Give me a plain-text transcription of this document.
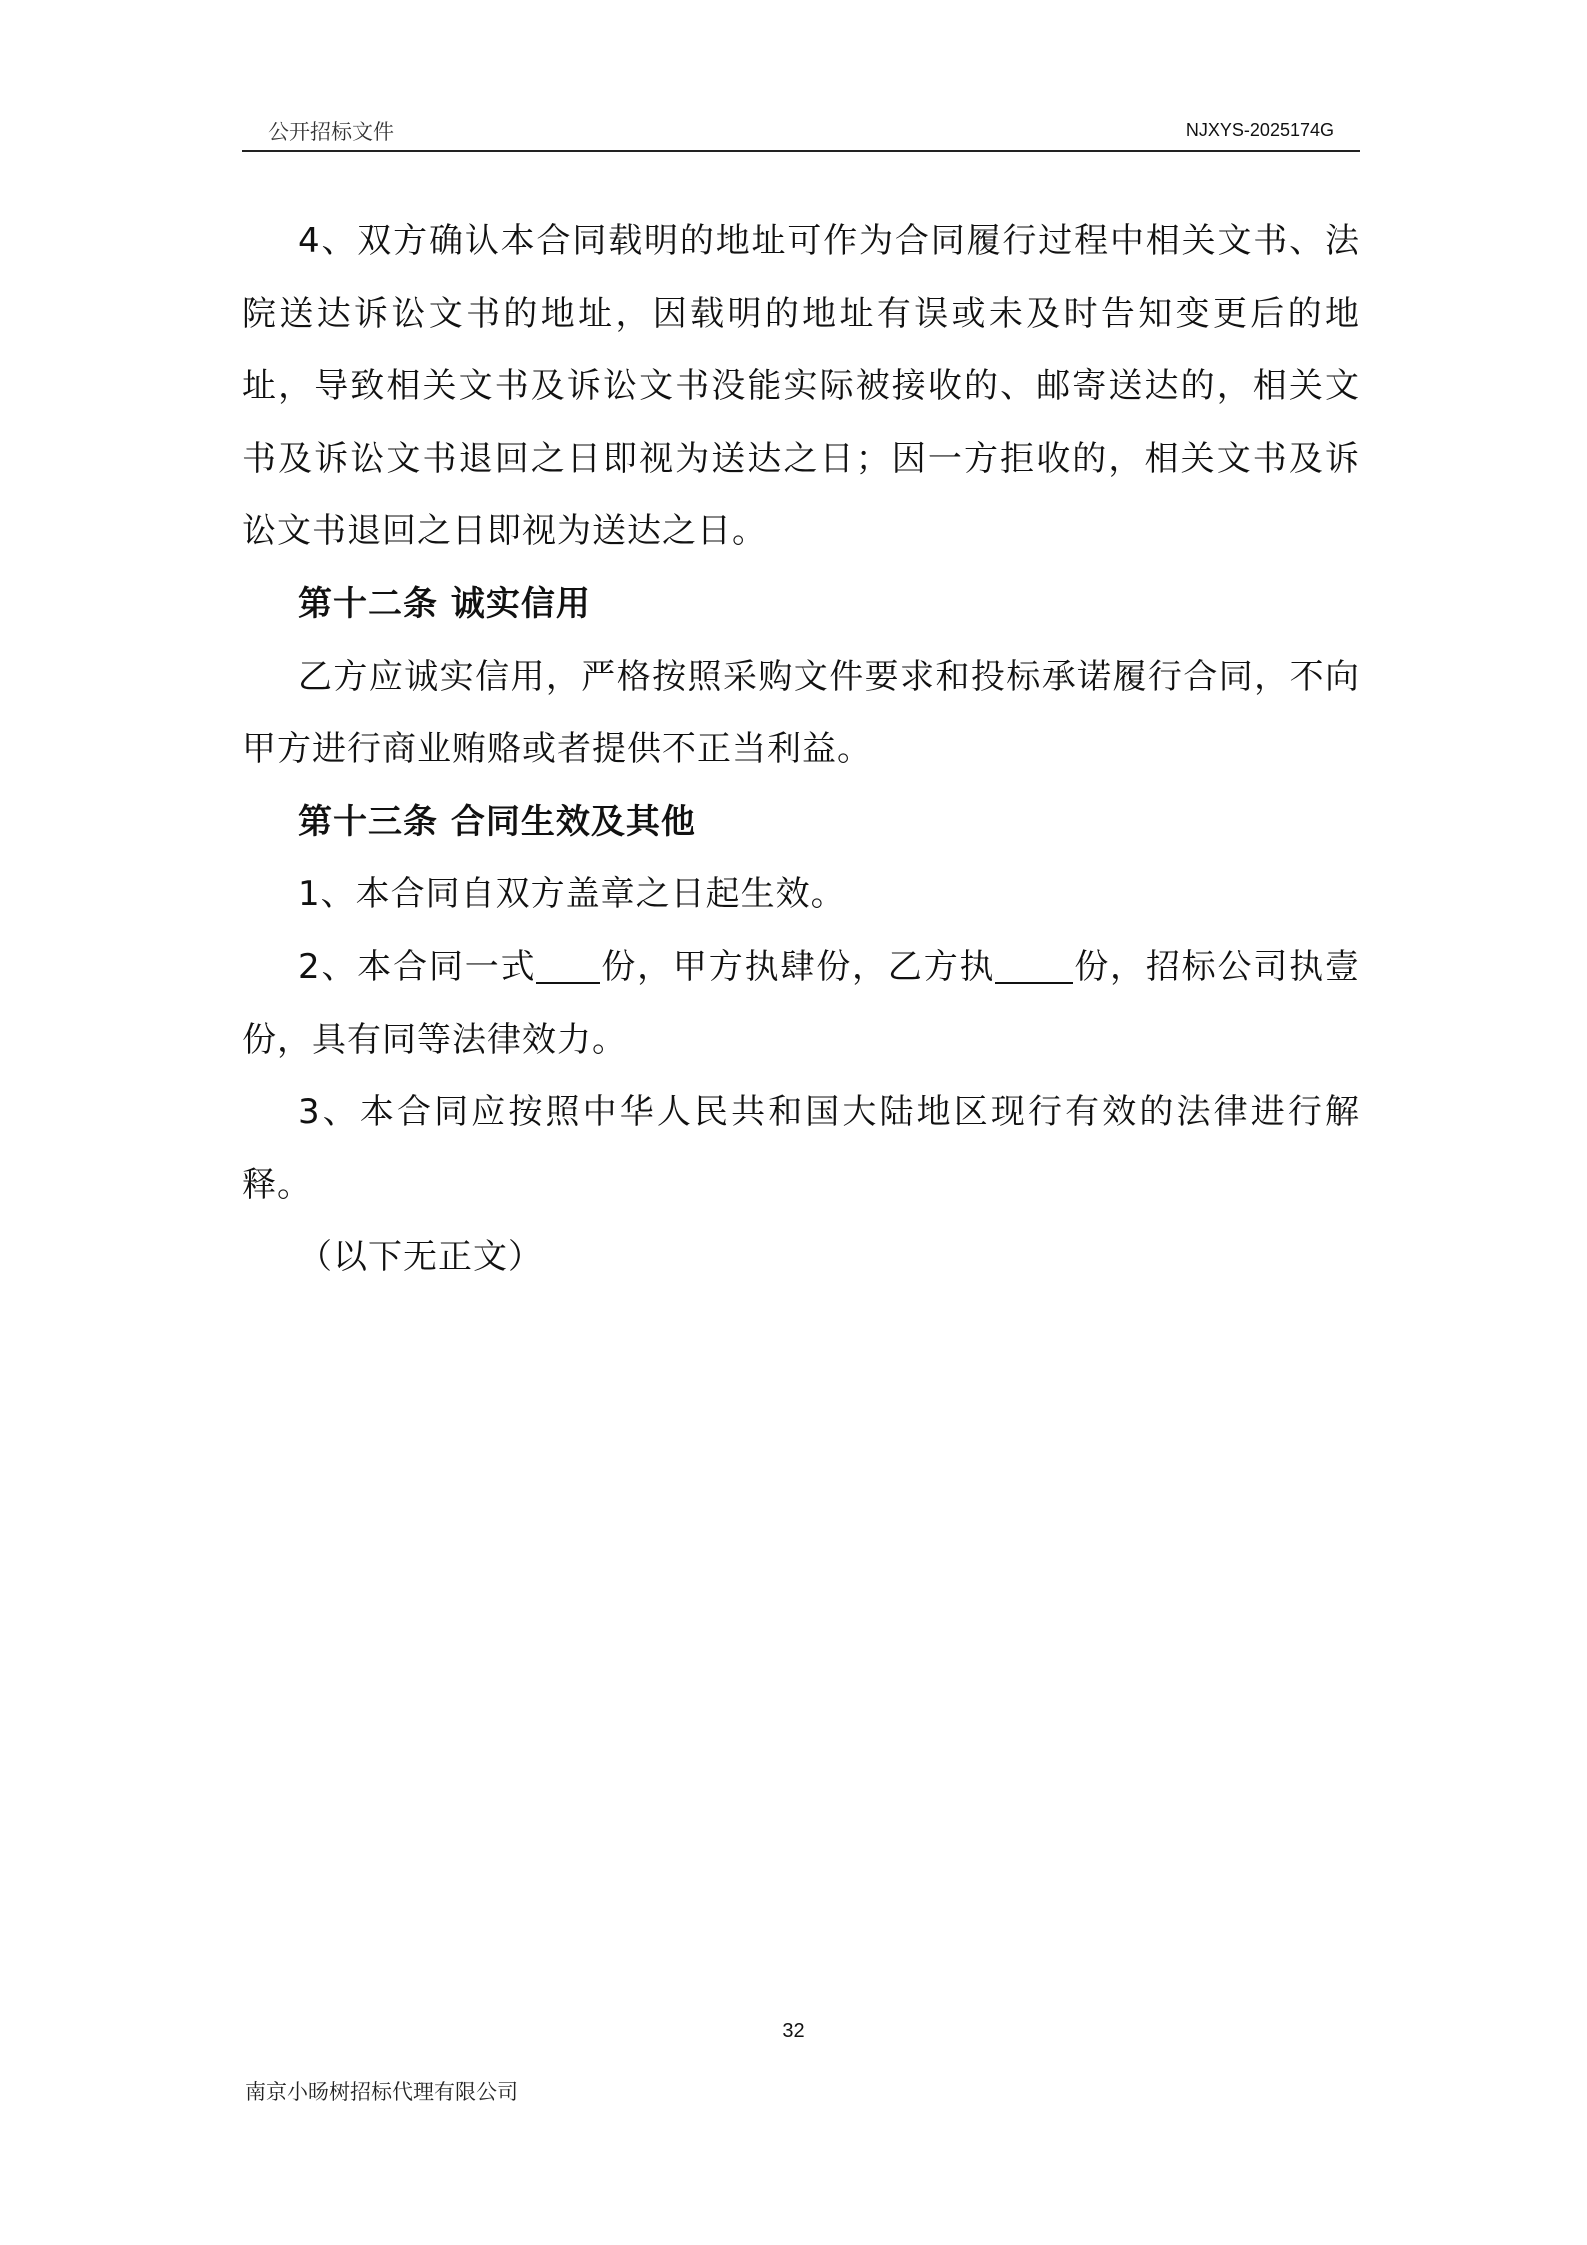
公开招标文件	NJXYS-2025174G

4、双方确认本合同载明的地址可作为合同履行过程中相关文书、法院送达诉讼文书的地址，因载明的地址有误或未及时告知变更后的地址，导致相关文书及诉讼文书没能实际被接收的、邮寄送达的，相关文书及诉讼文书退回之日即视为送达之日；因一方拒收的，相关文书及诉讼文书退回之日即视为送达之日。

第十二条 诚实信用

乙方应诚实信用，严格按照采购文件要求和投标承诺履行合同，不向甲方进行商业贿赂或者提供不正当利益。

第十三条 合同生效及其他

1、本合同自双方盖章之日起生效。

2、本合同一式 份，甲方执肆份，乙方执 份，招标公司执壹份，具有同等法律效力。

3、本合同应按照中华人民共和国大陆地区现行有效的法律进行解释。

（以下无正文）

32
南京小旸树招标代理有限公司
